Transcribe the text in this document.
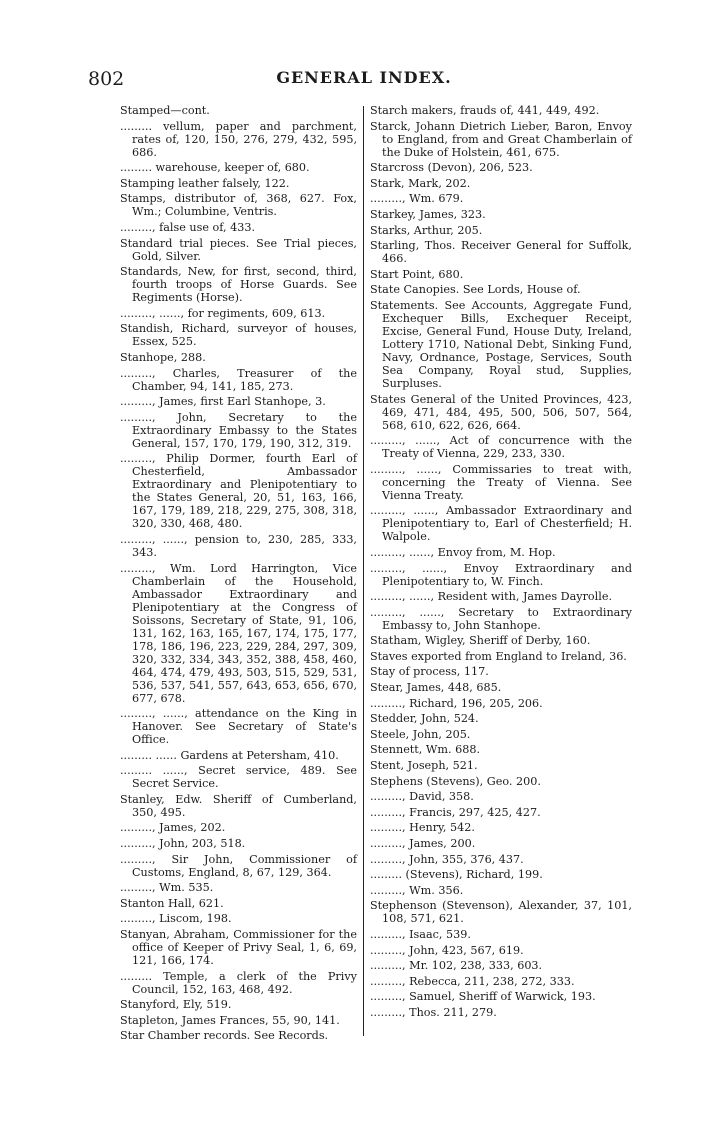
802	GENERAL INDEX.

Stamped—cont.

......... vellum, paper and parchment, rates of, 120, 150, 276, 279, 432, 595, 686.

......... warehouse, keeper of, 680.

Stamping leather falsely, 122.

Stamps, distributor of, 368, 627. Fox, Wm.; Columbine, Ventris.

........., false use of, 433.

Standard trial pieces. See Trial pieces, Gold, Silver.

Standards, New, for first, second, third, fourth troops of Horse Guards. See Regiments (Horse).

........., ......, for regiments, 609, 613.

Standish, Richard, surveyor of houses, Essex, 525.

Stanhope, 288.

........., Charles, Treasurer of the Chamber, 94, 141, 185, 273.

........., James, first Earl Stanhope, 3.

........., John, Secretary to the Extraordinary Embassy to the States General, 157, 170, 179, 190, 312, 319.

........., Philip Dormer, fourth Earl of Chesterfield, Ambassador Extraordinary and Plenipotentiary to the States General, 20, 51, 163, 166, 167, 179, 189, 218, 229, 275, 308, 318, 320, 330, 468, 480.

........., ......, pension to, 230, 285, 333, 343.

........., Wm. Lord Harrington, Vice Chamberlain of the Household, Ambassador Extraordinary and Plenipotentiary at the Congress of Soissons, Secretary of State, 91, 106, 131, 162, 163, 165, 167, 174, 175, 177, 178, 186, 196, 223, 229, 284, 297, 309, 320, 332, 334, 343, 352, 388, 458, 460, 464, 474, 479, 493, 503, 515, 529, 531, 536, 537, 541, 557, 643, 653, 656, 670, 677, 678.

........., ......, attendance on the King in Hanover. See Secretary of State's Office.

......... ...... Gardens at Petersham, 410.

......... ......, Secret service, 489. See Secret Service.

Stanley, Edw. Sheriff of Cumberland, 350, 495.

........., James, 202.

........., John, 203, 518.

........., Sir John, Commissioner of Customs, England, 8, 67, 129, 364.

........., Wm. 535.

Stanton Hall, 621.

........., Liscom, 198.

Stanyan, Abraham, Commissioner for the office of Keeper of Privy Seal, 1, 6, 69, 121, 166, 174.

......... Temple, a clerk of the Privy Council, 152, 163, 468, 492.

Stanyford, Ely, 519.

Stapleton, James Frances, 55, 90, 141.

Star Chamber records. See Records.

Starch makers, frauds of, 441, 449, 492.

Starck, Johann Dietrich Lieber, Baron, Envoy to England, from and Great Chamberlain of the Duke of Holstein, 461, 675.

Starcross (Devon), 206, 523.

Stark, Mark, 202.

........., Wm. 679.

Starkey, James, 323.

Starks, Arthur, 205.

Starling, Thos. Receiver General for Suffolk, 466.

Start Point, 680.

State Canopies. See Lords, House of.

Statements. See Accounts, Aggregate Fund, Exchequer Bills, Exchequer Receipt, Excise, General Fund, House Duty, Ireland, Lottery 1710, National Debt, Sinking Fund, Navy, Ordnance, Postage, Services, South Sea Company, Royal stud, Supplies, Surpluses.

States General of the United Provinces, 423, 469, 471, 484, 495, 500, 506, 507, 564, 568, 610, 622, 626, 664.

........., ......, Act of concurrence with the Treaty of Vienna, 229, 233, 330.

........., ......, Commissaries to treat with, concerning the Treaty of Vienna. See Vienna Treaty.

........., ......, Ambassador Extraordinary and Plenipotentiary to, Earl of Chesterfield; H. Walpole.

........., ......, Envoy from, M. Hop.

........., ......, Envoy Extraordinary and Plenipotentiary to, W. Finch.

........., ......, Resident with, James Dayrolle.

........., ......, Secretary to Extraordinary Embassy to, John Stanhope.

Statham, Wigley, Sheriff of Derby, 160.

Staves exported from England to Ireland, 36.

Stay of process, 117.

Stear, James, 448, 685.

........., Richard, 196, 205, 206.

Stedder, John, 524.

Steele, John, 205.

Stennett, Wm. 688.

Stent, Joseph, 521.

Stephens (Stevens), Geo. 200.

........., David, 358.

........., Francis, 297, 425, 427.

........., Henry, 542.

........., James, 200.

........., John, 355, 376, 437.

......... (Stevens), Richard, 199.

........., Wm. 356.

Stephenson (Stevenson), Alexander, 37, 101, 108, 571, 621.

........., Isaac, 539.

........., John, 423, 567, 619.

........., Mr. 102, 238, 333, 603.

........., Rebecca, 211, 238, 272, 333.

........., Samuel, Sheriff of Warwick, 193.

........., Thos. 211, 279.
